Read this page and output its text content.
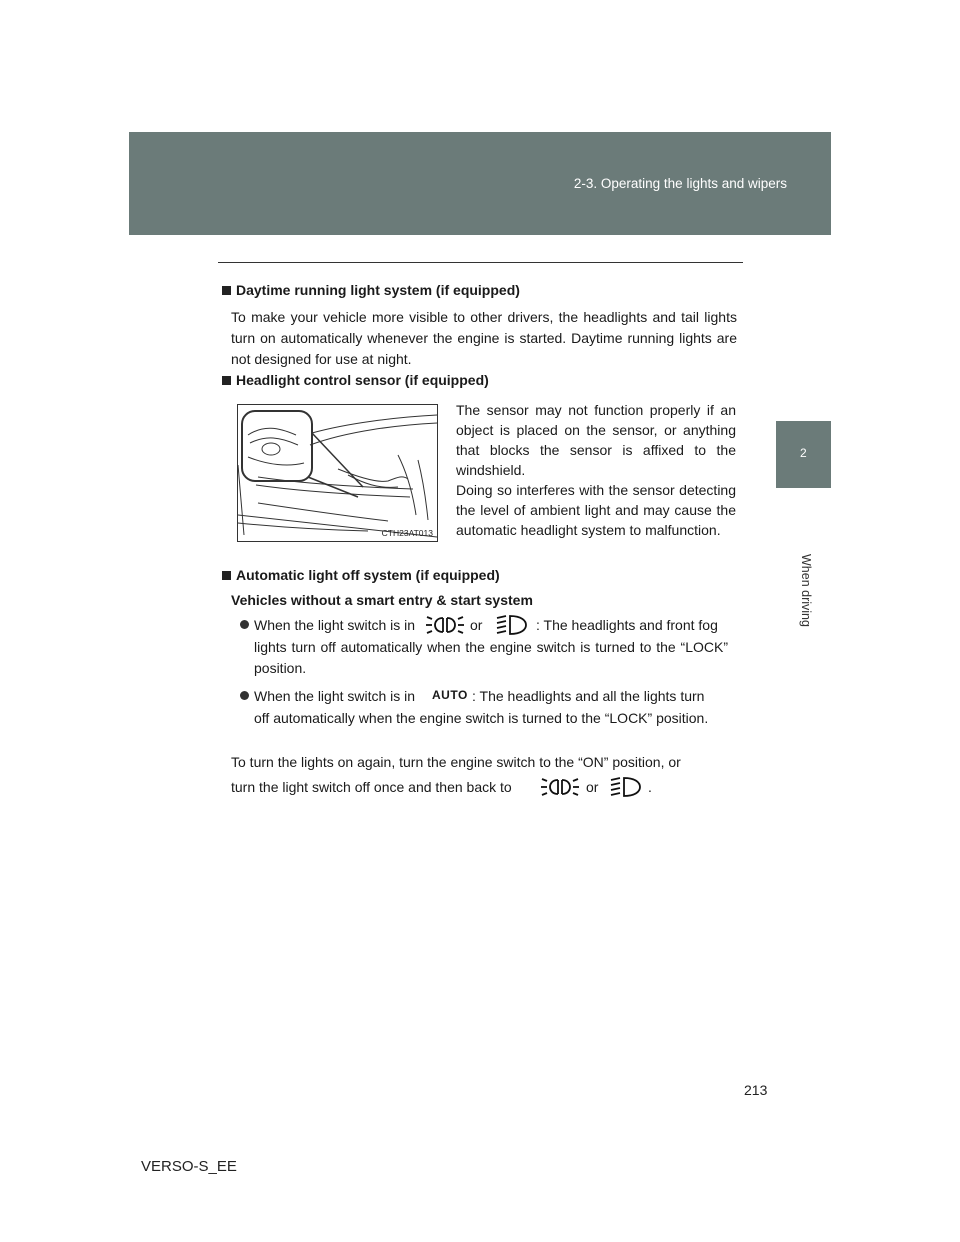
2-3. Operating the lights and wipers
2
When driving
Daytime running light system (if equipped)
To make your vehicle more visible to other drivers, the headlights and tail lights turn on automatically whenever the engine is started. Daytime running lights are not designed for use at night.
Headlight control sensor (if equipped)
CTH23AT013
The sensor may not function properly if an object is placed on the sensor, or anything that blocks the sensor is affixed to the windshield.
Doing so interferes with the sensor detecting the level of ambient light and may cause the automatic headlight system to malfunction.
Automatic light off system (if equipped)
Vehicles without a smart entry & start system
When the light switch is in	or	: The headlights and front fog
lights turn off automatically when the engine switch is turned to the “LOCK” position.
When the light switch is in AUTO : The headlights and all the lights turn
off automatically when the engine switch is turned to the “LOCK” position.
To turn the lights on again, turn the engine switch to the “ON” position, or
turn the light switch off once and then back to	or	.
213
VERSO-S_EE
